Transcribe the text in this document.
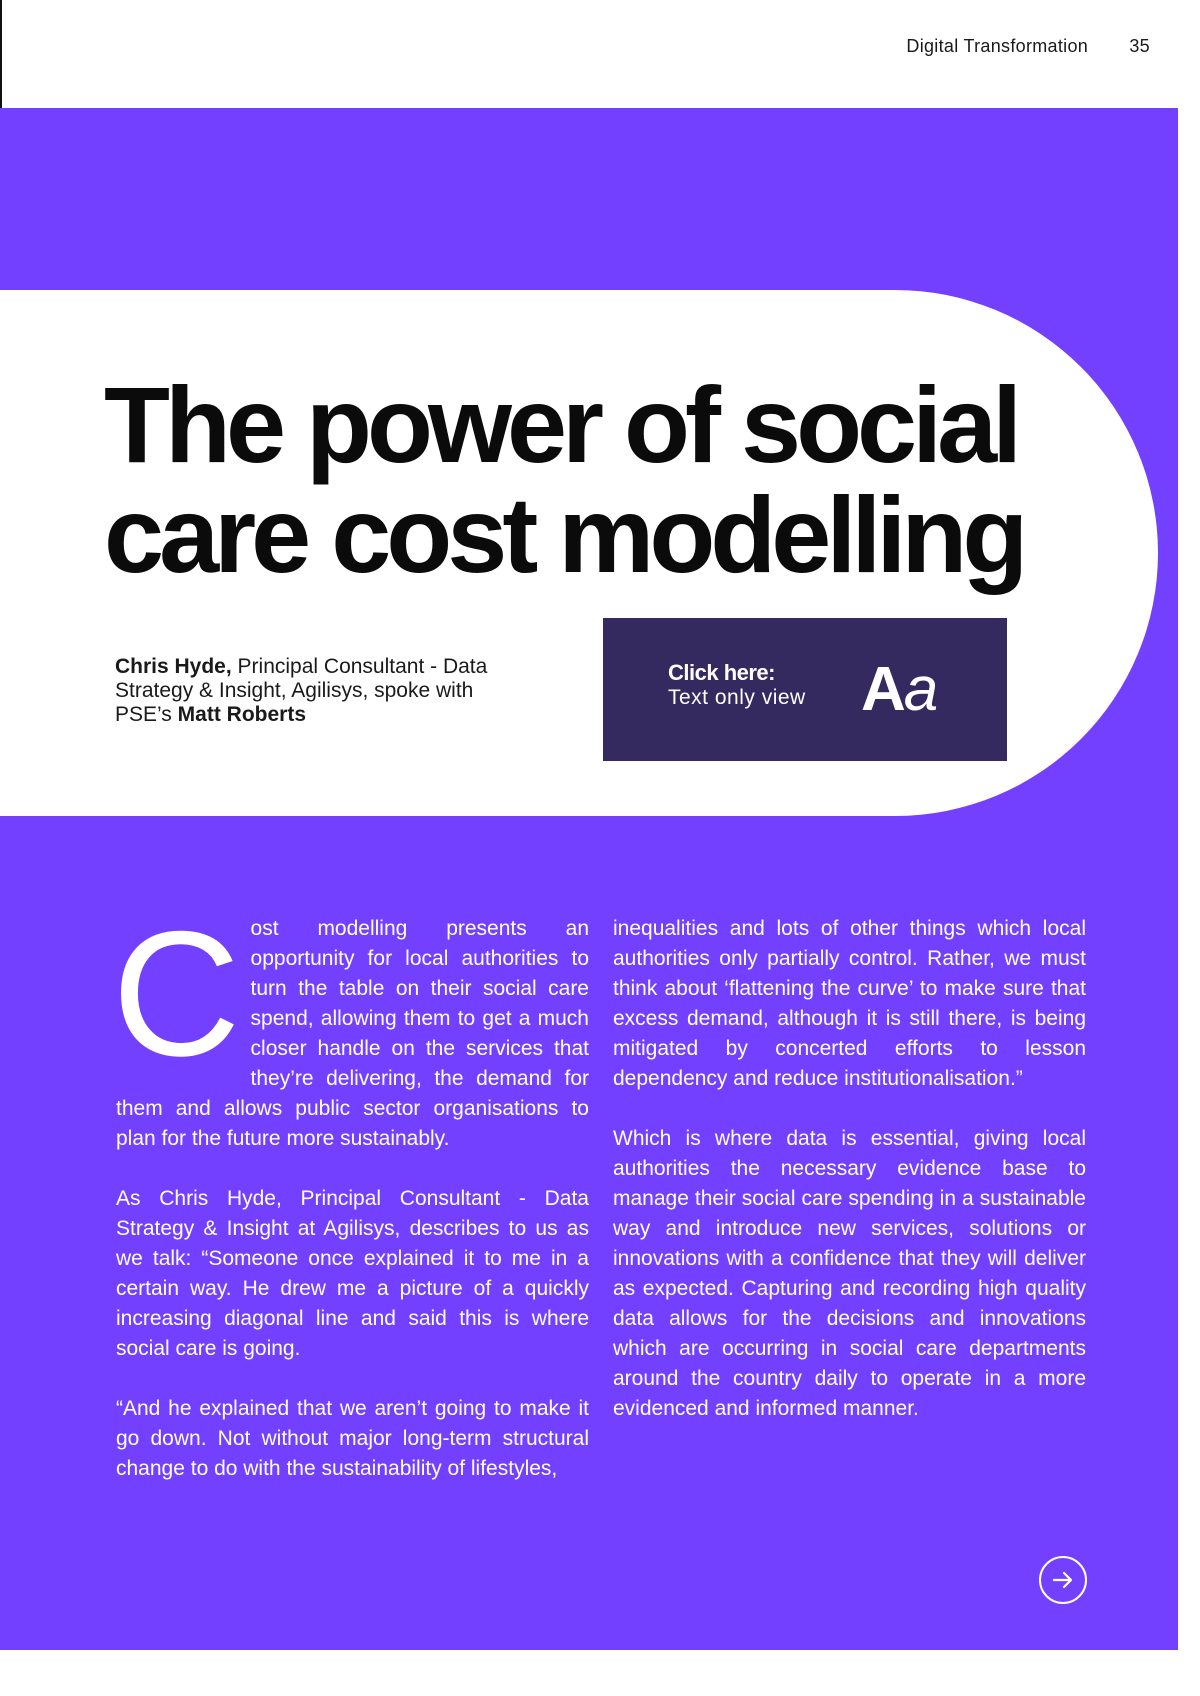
Digital Transformation 35
The power of social
care cost modelling
Chris Hyde, Principal Consultant - Data Strategy & Insight, Agilisys, spoke with PSE’s Matt Roberts
Click here:
Text only view Aa

Cost modelling presents an opportunity for local authorities to turn the table on their social care spend, allowing them to get a much closer handle on the services that they’re delivering, the demand for them and allows public sector organisations to plan for the future more sustainably.

As Chris Hyde, Principal Consultant - Data Strategy & Insight at Agilisys, describes to us as we talk: “Someone once explained it to me in a certain way. He drew me a picture of a quickly increasing diagonal line and said this is where social care is going.

“And he explained that we aren’t going to make it go down. Not without major long-term structural change to do with the sustainability of lifestyles,

inequalities and lots of other things which local authorities only partially control. Rather, we must think about ‘flattening the curve’ to make sure that excess demand, although it is still there, is being mitigated by concerted efforts to lesson dependency and reduce institutionalisation.”

Which is where data is essential, giving local authorities the necessary evidence base to manage their social care spending in a sustainable way and introduce new services, solutions or innovations with a confidence that they will deliver as expected. Capturing and recording high quality data allows for the decisions and innovations which are occurring in social care departments around the country daily to operate in a more evidenced and informed manner.
